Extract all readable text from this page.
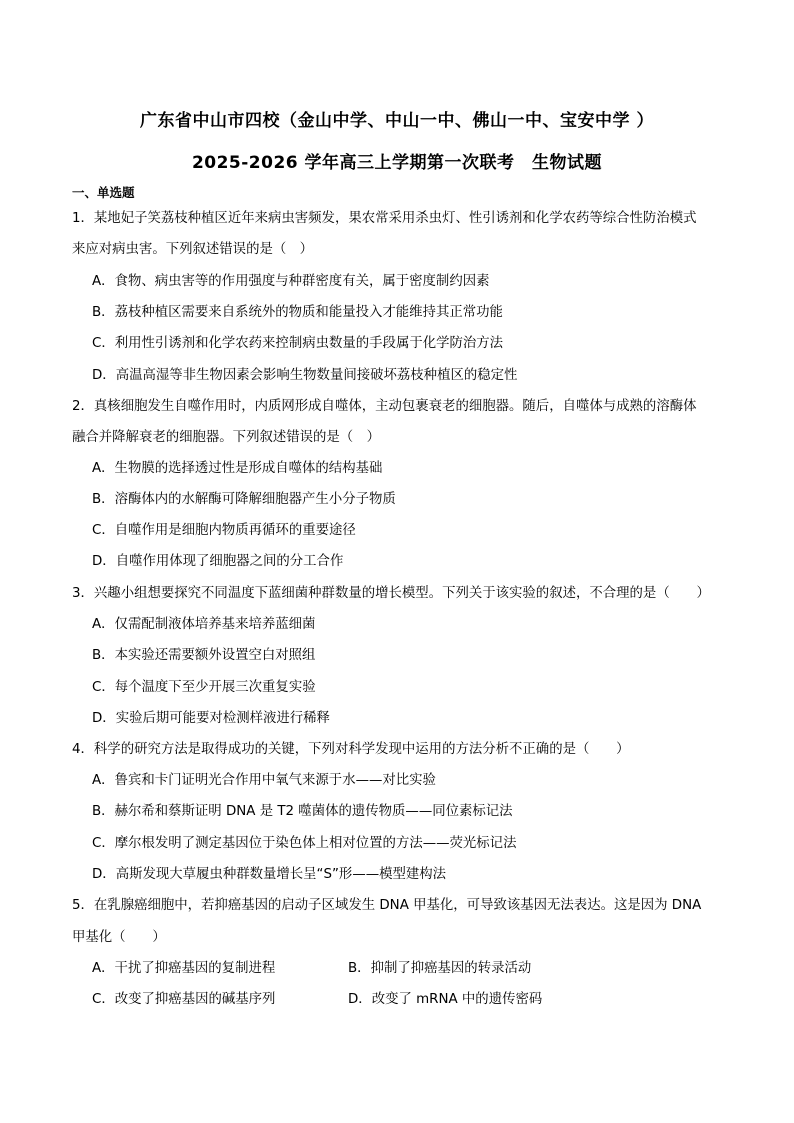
广东省中山市四校（金山中学、中山一中、佛山一中、宝安中学 ）
2025-2026 学年高三上学期第一次联考　生物试题
一、单选题
1．某地妃子笑荔枝种植区近年来病虫害频发，果农常采用杀虫灯、性引诱剂和化学农药等综合性防治模式
来应对病虫害。下列叙述错误的是（　）
A．食物、病虫害等的作用强度与种群密度有关，属于密度制约因素
B．荔枝种植区需要来自系统外的物质和能量投入才能维持其正常功能
C．利用性引诱剂和化学农药来控制病虫数量的手段属于化学防治方法
D．高温高湿等非生物因素会影响生物数量间接破坏荔枝种植区的稳定性
2．真核细胞发生自噬作用时，内质网形成自噬体，主动包裹衰老的细胞器。随后，自噬体与成熟的溶酶体
融合并降解衰老的细胞器。下列叙述错误的是（　）
A．生物膜的选择透过性是形成自噬体的结构基础
B．溶酶体内的水解酶可降解细胞器产生小分子物质
C．自噬作用是细胞内物质再循环的重要途径
D．自噬作用体现了细胞器之间的分工合作
3．兴趣小组想要探究不同温度下蓝细菌种群数量的增长模型。下列关于该实验的叙述，不合理的是（　　）
A．仅需配制液体培养基来培养蓝细菌
B．本实验还需要额外设置空白对照组
C．每个温度下至少开展三次重复实验
D．实验后期可能要对检测样液进行稀释
4．科学的研究方法是取得成功的关键，下列对科学发现中运用的方法分析不正确的是（　　）
A．鲁宾和卡门证明光合作用中氧气来源于水——对比实验
B．赫尔希和蔡斯证明 DNA 是 T2 噬菌体的遗传物质——同位素标记法
C．摩尔根发明了测定基因位于染色体上相对位置的方法——荧光标记法
D．高斯发现大草履虫种群数量增长呈“S”形——模型建构法
5．在乳腺癌细胞中，若抑癌基因的启动子区域发生 DNA 甲基化，可导致该基因无法表达。这是因为 DNA
甲基化（　　）
A．干扰了抑癌基因的复制进程	B．抑制了抑癌基因的转录活动
C．改变了抑癌基因的碱基序列	D．改变了 mRNA 中的遗传密码
